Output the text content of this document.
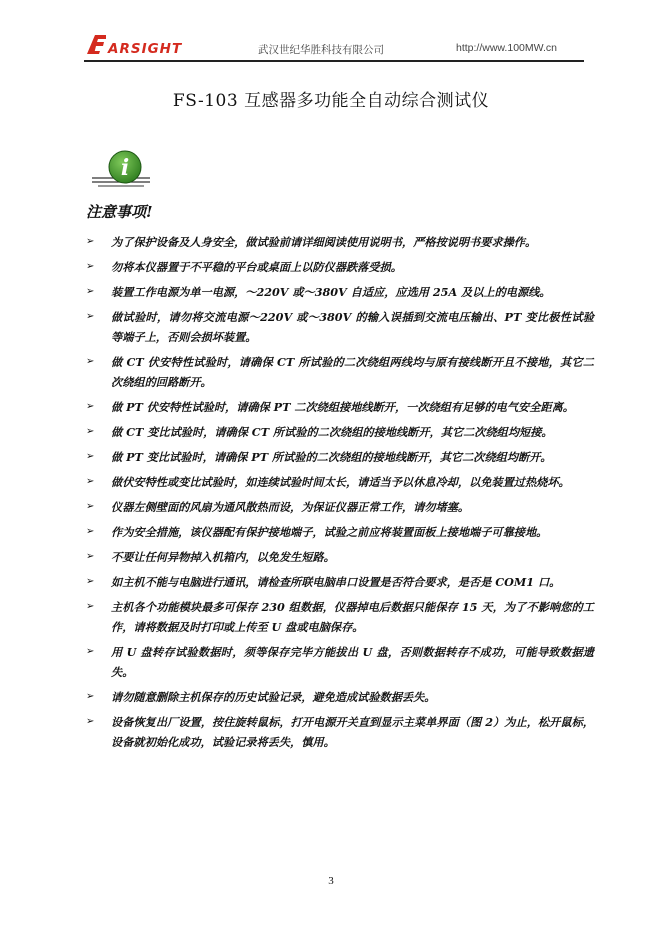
ARSIGHT	武汉世纪华胜科技有限公司	http://www.100MW.cn
FS-103 互感器多功能全自动综合测试仪
i
注意事项!
➢ 为了保护设备及人身安全，做试验前请详细阅读使用说明书，严格按说明书要求操作。
➢ 勿将本仪器置于不平稳的平台或桌面上以防仪器跌落受损。
➢ 装置工作电源为单一电源，～220V 或～380V 自适应，应选用 25A 及以上的电源线。
➢ 做试验时，请勿将交流电源～220V 或～380V 的输入误插到交流电压输出、PT 变比极性试验等端子上，否则会损坏装置。
➢ 做 CT 伏安特性试验时，请确保 CT 所试验的二次绕组两线均与原有接线断开且不接地，其它二次绕组的回路断开。
➢ 做 PT 伏安特性试验时，请确保 PT 二次绕组接地线断开，一次绕组有足够的电气安全距离。
➢ 做 CT 变比试验时，请确保 CT 所试验的二次绕组的接地线断开，其它二次绕组均短接。
➢ 做 PT 变比试验时，请确保 PT 所试验的二次绕组的接地线断开，其它二次绕组均断开。
➢ 做伏安特性或变比试验时，如连续试验时间太长，请适当予以休息冷却，以免装置过热烧坏。
➢ 仪器左侧壁面的风扇为通风散热而设，为保证仪器正常工作，请勿堵塞。
➢ 作为安全措施，该仪器配有保护接地端子，试验之前应将装置面板上接地端子可靠接地。
➢ 不要让任何异物掉入机箱内，以免发生短路。
➢ 如主机不能与电脑进行通讯，请检查所联电脑串口设置是否符合要求，是否是 COM1 口。
➢ 主机各个功能模块最多可保存 230 组数据，仪器掉电后数据只能保存 15 天，为了不影响您的工作，请将数据及时打印或上传至 U 盘或电脑保存。
➢ 用 U 盘转存试验数据时，须等保存完毕方能拔出 U 盘，否则数据转存不成功，可能导致数据遗失。
➢ 请勿随意删除主机保存的历史试验记录，避免造成试验数据丢失。
➢ 设备恢复出厂设置，按住旋转鼠标，打开电源开关直到显示主菜单界面（图 2）为止，松开鼠标，设备就初始化成功，试验记录将丢失，慎用。
3
